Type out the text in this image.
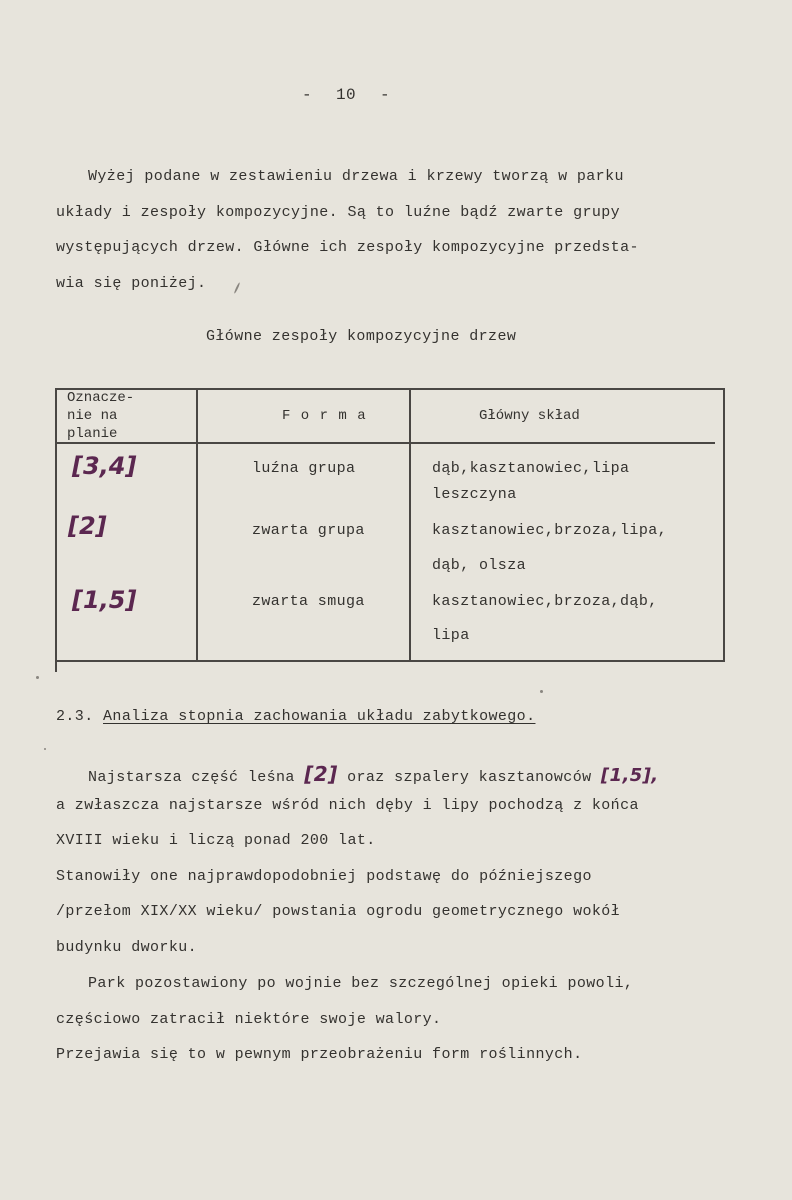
- 10 -
Wyżej podane w zestawieniu drzewa i krzewy tworzą w parku
układy i zespoły kompozycyjne. Są to luźne bądź zwarte grupy
występujących drzew. Główne ich zespoły kompozycyjne przedsta-
wia się poniżej.
Główne zespoły kompozycyjne drzew
Oznacze-
nie na
planie
F o r m a	Główny skład
[3,4]	luźna grupa	dąb,kasztanowiec,lipa
leszczyna
[2]	zwarta grupa	kasztanowiec,brzoza,lipa,
dąb, olsza
[1,5]	zwarta smuga	kasztanowiec,brzoza,dąb,
lipa
2.3. Analiza stopnia zachowania układu zabytkowego.
Najstarsza część leśna [2] oraz szpalery kasztanowców [1,5],
a zwłaszcza najstarsze wśród nich dęby i lipy pochodzą z końca
XVIII wieku i liczą ponad 200 lat.
Stanowiły one najprawdopodobniej podstawę do późniejszego
/przełom XIX/XX wieku/ powstania ogrodu geometrycznego wokół
budynku dworku.
Park pozostawiony po wojnie bez szczególnej opieki powoli,
częściowo zatracił niektóre swoje walory.
Przejawia się to w pewnym przeobrażeniu form roślinnych.
